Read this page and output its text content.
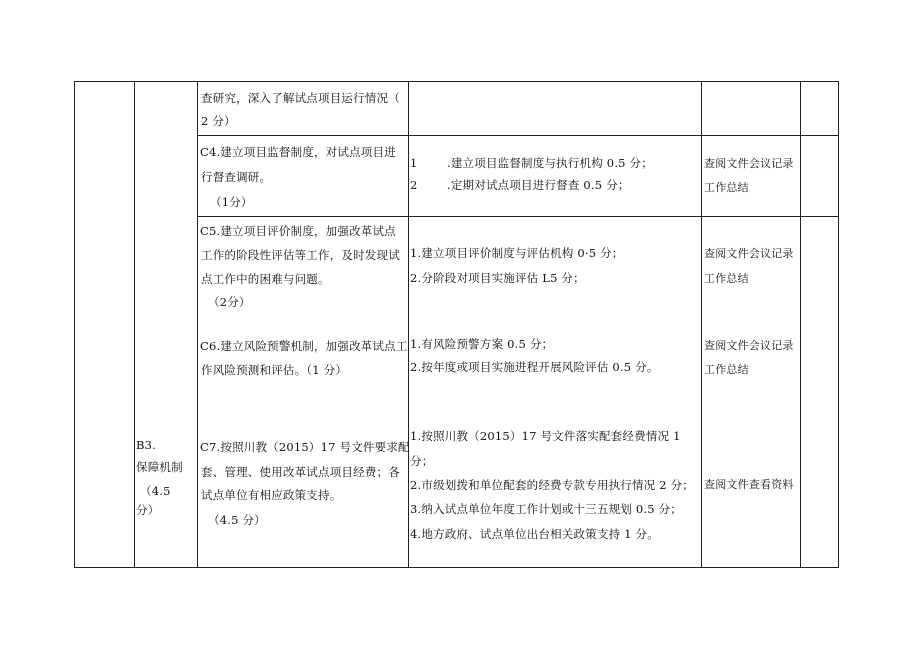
查研究，深入了解试点项目运行情况（
2 分）
C4.建立项目监督制度，对试点项目进
行督查调研。
（1分）
1	.建立项目监督制度与执行机构 0.5 分；
2	.定期对试点项目进行督查 0.5 分；
查阅文件会议记录
工作总结
C5.建立项目评价制度，加强改革试点
工作的阶段性评估等工作，及时发现试
点工作中的困难与问题。
（2分）
1.建立项目评价制度与评估机构 0·5 分；
2.分阶段对项目实施评估 L5 分；
查阅文件会议记录
工作总结
C6.建立风险预警机制，加强改革试点工
作风险预测和评估。（1 分）
1.有风险预警方案 0.5 分；
2.按年度或项目实施进程开展风险评估 0.5 分。
查阅文件会议记录
工作总结
B3.
保障机制
（4.5
分）
C7.按照川教（2015）17 号文件要求配
套、管理、使用改革试点项目经费；各
试点单位有相应政策支持。
（4.5 分）
1.按照川教（2015）17 号文件落实配套经费情况 1
分；
2.市级划拨和单位配套的经费专款专用执行情况 2 分；
3.纳入试点单位年度工作计划或十三五规划 0.5 分；
4.地方政府、试点单位出台相关政策支持 1 分。
查阅文件查看资料
